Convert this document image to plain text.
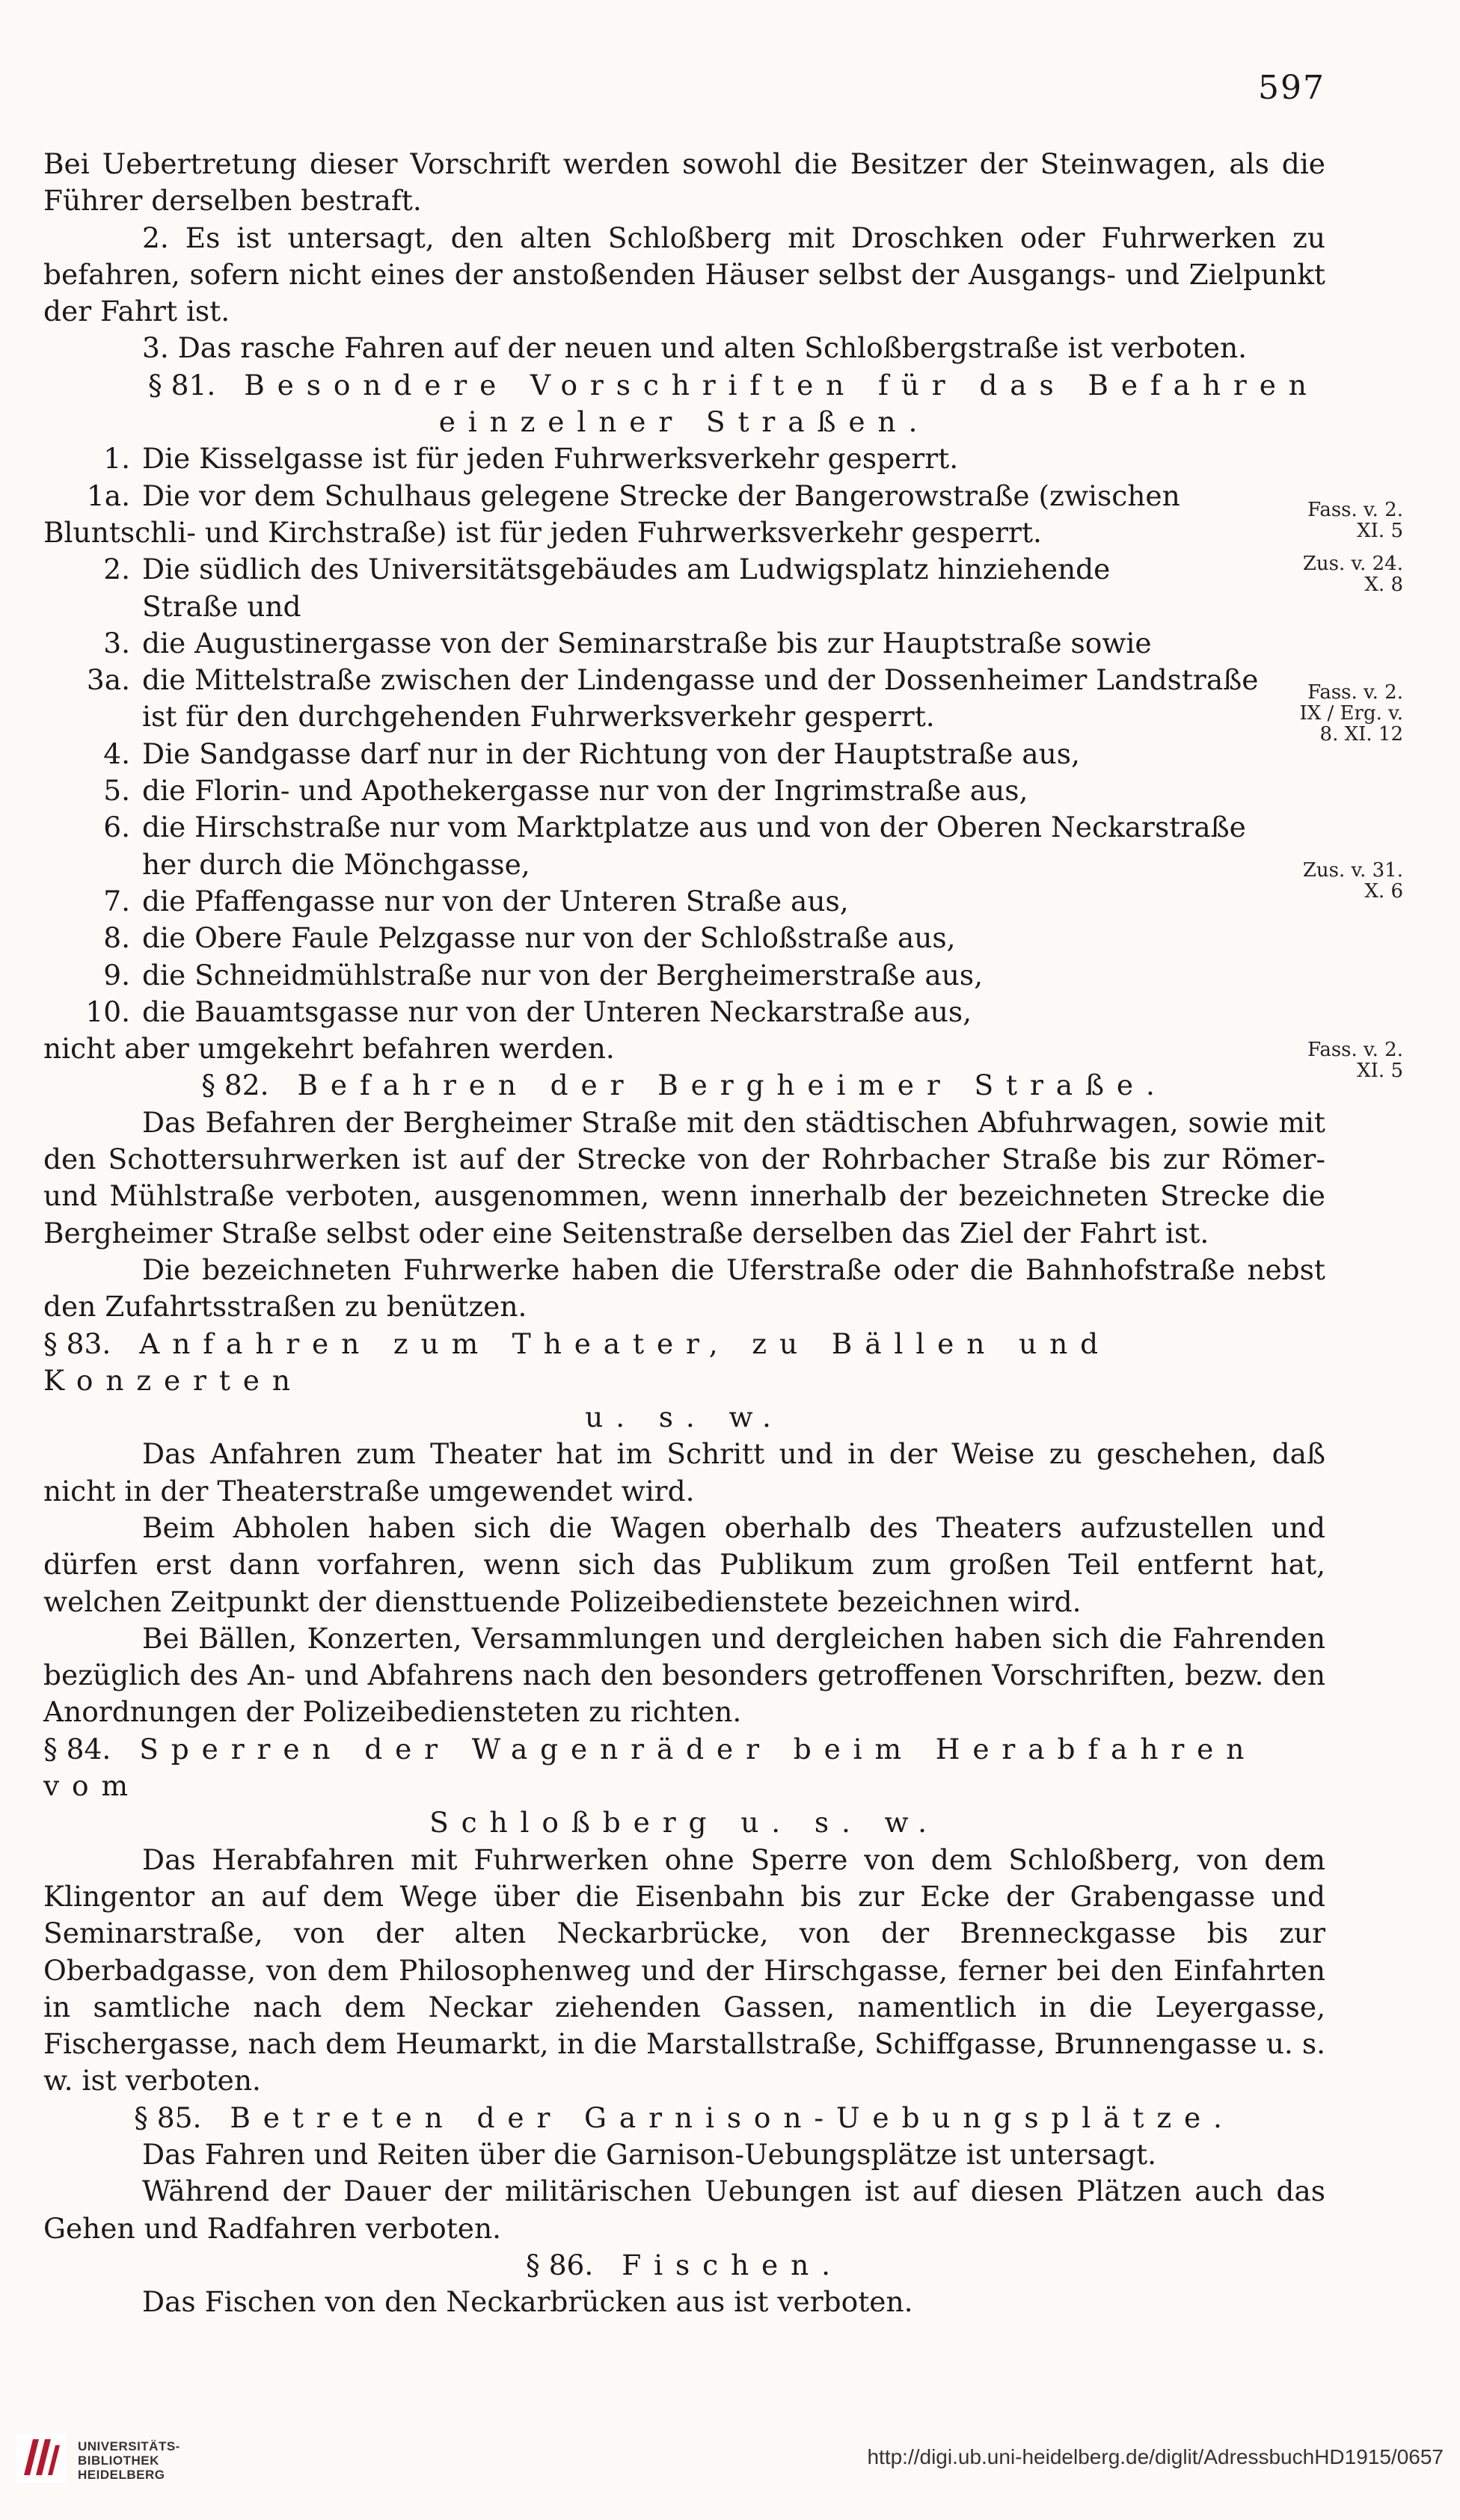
597

Bei Uebertretung dieser Vorschrift werden sowohl die Besitzer der Steinwagen, als die Führer derselben bestraft.

2. Es ist untersagt, den alten Schloßberg mit Droschken oder Fuhrwerken zu befahren, sofern nicht eines der anstoßenden Häuser selbst der Ausgangs- und Zielpunkt der Fahrt ist.

3. Das rasche Fahren auf der neuen und alten Schloßbergstraße ist verboten.

§ 81. Besondere Vorschriften für das Befahren

einzelner Straßen.

1. Die Kisselgasse ist für jeden Fuhrwerksverkehr gesperrt.
1a. Die vor dem Schulhaus gelegene Strecke der Bangerowstraße (zwischen
Bluntschli- und Kirchstraße) ist für jeden Fuhrwerksverkehr gesperrt.
2. Die südlich des Universitätsgebäudes am Ludwigsplatz hinziehende
Straße und
3. die Augustinergasse von der Seminarstraße bis zur Hauptstraße sowie
3a. die Mittelstraße zwischen der Lindengasse und der Dossenheimer Landstraße
ist für den durchgehenden Fuhrwerksverkehr gesperrt.
4. Die Sandgasse darf nur in der Richtung von der Hauptstraße aus,
5. die Florin- und Apothekergasse nur von der Ingrimstraße aus,
6. die Hirschstraße nur vom Marktplatze aus und von der Oberen Neckarstraße
her durch die Mönchgasse,
7. die Pfaffengasse nur von der Unteren Straße aus,
8. die Obere Faule Pelzgasse nur von der Schloßstraße aus,
9. die Schneidmühlstraße nur von der Bergheimerstraße aus,
10. die Bauamtsgasse nur von der Unteren Neckarstraße aus,
nicht aber umgekehrt befahren werden.

§ 82. Befahren der Bergheimer Straße.

Das Befahren der Bergheimer Straße mit den städtischen Abfuhrwagen, sowie mit den Schottersuhrwerken ist auf der Strecke von der Rohrbacher Straße bis zur Römer- und Mühlstraße verboten, ausgenommen, wenn innerhalb der bezeichneten Strecke die Bergheimer Straße selbst oder eine Seitenstraße derselben das Ziel der Fahrt ist.

Die bezeichneten Fuhrwerke haben die Uferstraße oder die Bahnhofstraße nebst den Zufahrtsstraßen zu benützen.

§ 83. Anfahren zum Theater, zu Bällen und Konzerten

u. s. w.

Das Anfahren zum Theater hat im Schritt und in der Weise zu geschehen, daß nicht in der Theaterstraße umgewendet wird.

Beim Abholen haben sich die Wagen oberhalb des Theaters aufzustellen und dürfen erst dann vorfahren, wenn sich das Publikum zum großen Teil entfernt hat, welchen Zeitpunkt der diensttuende Polizeibedienstete bezeichnen wird.

Bei Bällen, Konzerten, Versammlungen und dergleichen haben sich die Fahrenden bezüglich des An- und Abfahrens nach den besonders getroffenen Vorschriften, bezw. den Anordnungen der Polizeibediensteten zu richten.

§ 84. Sperren der Wagenräder beim Herabfahren vom

Schloßberg u. s. w.

Das Herabfahren mit Fuhrwerken ohne Sperre von dem Schloßberg, von dem Klingentor an auf dem Wege über die Eisenbahn bis zur Ecke der Grabengasse und Seminarstraße, von der alten Neckarbrücke, von der Brenneckgasse bis zur Oberbadgasse, von dem Philosophenweg und der Hirschgasse, ferner bei den Einfahrten in samtliche nach dem Neckar ziehenden Gassen, namentlich in die Leyergasse, Fischergasse, nach dem Heumarkt, in die Marstallstraße, Schiffgasse, Brunnengasse u. s. w. ist verboten.

§ 85. Betreten der Garnison-Uebungsplätze.

Das Fahren und Reiten über die Garnison-Uebungsplätze ist untersagt.

Während der Dauer der militärischen Uebungen ist auf diesen Plätzen auch das Gehen und Radfahren verboten.

§ 86. Fischen.

Das Fischen von den Neckarbrücken aus ist verboten.

Fass. v. 2. XI. 5
Zus. v. 24. X. 8
Fass. v. 2. IX / Erg. v. 8. XI. 12
Zus. v. 31. X. 6
Fass. v. 2. XI. 5
UNIVERSITÄTS-
BIBLIOTHEK
HEIDELBERG
http://digi.ub.uni-heidelberg.de/diglit/AdressbuchHD1915/0657
